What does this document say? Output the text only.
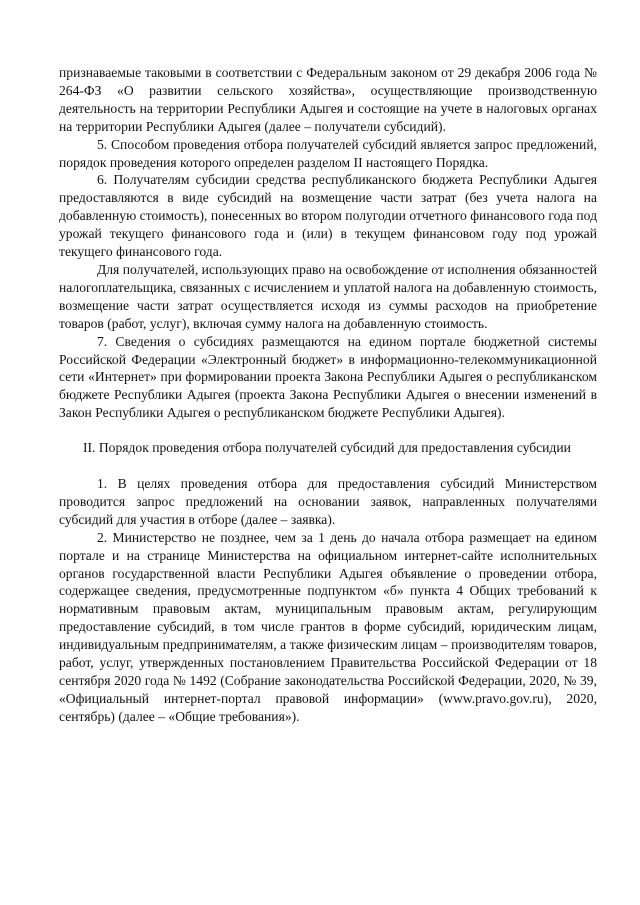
признаваемые таковыми в соответствии с Федеральным законом от 29 декабря 2006 года № 264-ФЗ «О развитии сельского хозяйства», осуществляющие производственную деятельность на территории Республики Адыгея и состоящие на учете в налоговых органах на территории Республики Адыгея (далее – получатели субсидий).

5. Способом проведения отбора получателей субсидий является запрос предложений, порядок проведения которого определен разделом II настоящего Порядка.

6. Получателям субсидии средства республиканского бюджета Республики Адыгея предоставляются в виде субсидий на возмещение части затрат (без учета налога на добавленную стоимость), понесенных во втором полугодии отчетного финансового года под урожай текущего финансового года и (или) в текущем финансовом году под урожай текущего финансового года.

Для получателей, использующих право на освобождение от исполнения обязанностей налогоплательщика, связанных с исчислением и уплатой налога на добавленную стоимость, возмещение части затрат осуществляется исходя из суммы расходов на приобретение товаров (работ, услуг), включая сумму налога на добавленную стоимость.

7. Сведения о субсидиях размещаются на едином портале бюджетной системы Российской Федерации «Электронный бюджет» в информационно-телекоммуникационной сети «Интернет» при формировании проекта Закона Республики Адыгея о республиканском бюджете Республики Адыгея (проекта Закона Республики Адыгея о внесении изменений в Закон Республики Адыгея о республиканском бюджете Республики Адыгея).

II. Порядок проведения отбора получателей субсидий для предоставления субсидии

1. В целях проведения отбора для предоставления субсидий Министерством проводится запрос предложений на основании заявок, направленных получателями субсидий для участия в отборе (далее – заявка).

2. Министерство не позднее, чем за 1 день до начала отбора размещает на едином портале и на странице Министерства на официальном интернет-сайте исполнительных органов государственной власти Республики Адыгея объявление о проведении отбора, содержащее сведения, предусмотренные подпунктом «б» пункта 4 Общих требований к нормативным правовым актам, муниципальным правовым актам, регулирующим предоставление субсидий, в том числе грантов в форме субсидий, юридическим лицам, индивидуальным предпринимателям, а также физическим лицам – производителям товаров, работ, услуг, утвержденных постановлением Правительства Российской Федерации от 18 сентября 2020 года № 1492 (Собрание законодательства Российской Федерации, 2020, № 39, «Официальный интернет-портал правовой информации» (www.pravo.gov.ru), 2020, сентябрь) (далее – «Общие требования»).
